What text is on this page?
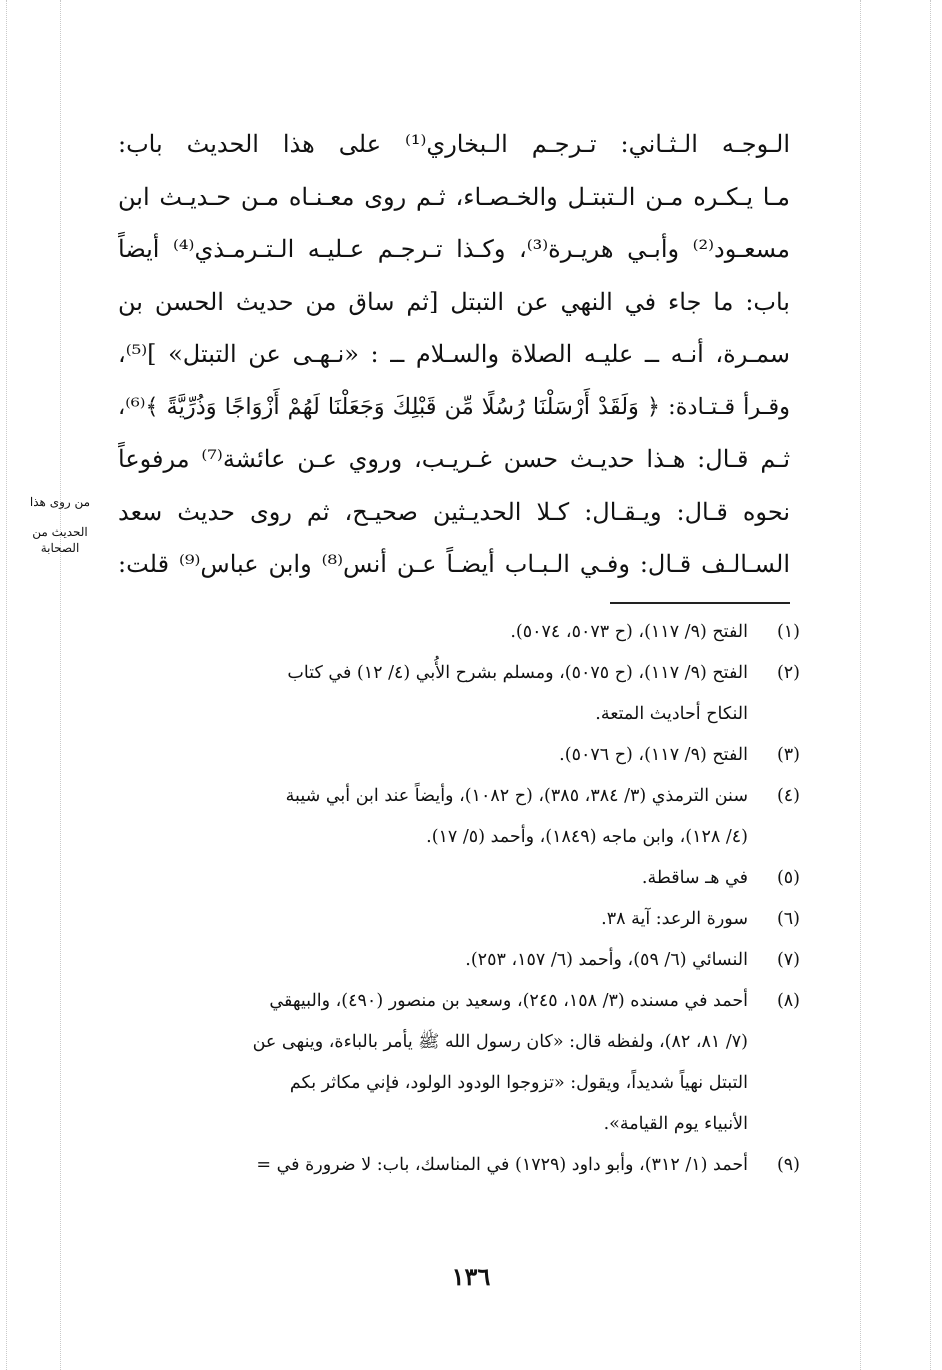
الـوجـه الـثـاني: تـرجـم الـبخاري⁽¹⁾ على هذا الحديث باب:
مـا يـكـره مـن الـتبتـل والخـصـاء، ثـم روى معـنـاه مـن حـديـث ابن
مسعـود⁽²⁾ وأبـي هريـرة⁽³⁾، وكـذا تـرجـم عـليـه الـتـرمـذي⁽⁴⁾ أيضاً
باب: ما جاء في النهي عن التبتل [ثم ساق من حديث الحسن بن
سمـرة، أنـه ــ عليـه الصلاة والسـلام ــ : «نـهـى عن التبتل» ]⁽⁵⁾،
وقـرأ قـتـادة: ﴿ وَلَقَدْ أَرْسَلْنَا رُسُلًا مِّن قَبْلِكَ وَجَعَلْنَا لَهُمْ أَزْوَاجًا وَذُرِّيَّةً ﴾⁽⁶⁾،
ثـم قـال: هـذا حديـث حسن غـريـب، وروي عـن عائشة⁽⁷⁾ مرفوعاً
نحوه قـال: ويـقـال: كـلا الحديـثين صحيـح، ثم روى حديث سعد
السـالـف قـال: وفـي الـبـاب أيضـاً عـن أنس⁽⁸⁾ وابن عباس⁽⁹⁾ قلت:
من روى هذا
الحديث من
الصحابة
(١)
الفتح (٩/ ١١٧)، (ح ٥٠٧٣، ٥٠٧٤).
(٢)
الفتح (٩/ ١١٧)، (ح ٥٠٧٥)، ومسلم بشرح الأُبي (٤/ ١٢) في كتاب
النكاح أحاديث المتعة.
(٣)
الفتح (٩/ ١١٧)، (ح ٥٠٧٦).
(٤)
سنن الترمذي (٣/ ٣٨٤، ٣٨٥)، (ح ١٠٨٢)، وأيضاً عند ابن أبي شيبة
(٤/ ١٢٨)، وابن ماجه (١٨٤٩)، وأحمد (٥/ ١٧).
(٥)
في هـ ساقطة.
(٦)
سورة الرعد: آية ٣٨.
(٧)
النسائي (٦/ ٥٩)، وأحمد (٦/ ١٥٧، ٢٥٣).
(٨)
أحمد في مسنده (٣/ ١٥٨، ٢٤٥)، وسعيد بن منصور (٤٩٠)، والبيهقي
(٧/ ٨١، ٨٢)، ولفظه قال: «كان رسول الله ﷺ يأمر بالباءة، وينهى عن
التبتل نهياً شديداً، ويقول: «تزوجوا الودود الولود، فإني مكاثر بكم
الأنبياء يوم القيامة».
(٩)
أحمد (١/ ٣١٢)، وأبو داود (١٧٢٩) في المناسك، باب: لا ضرورة في =
١٣٦
